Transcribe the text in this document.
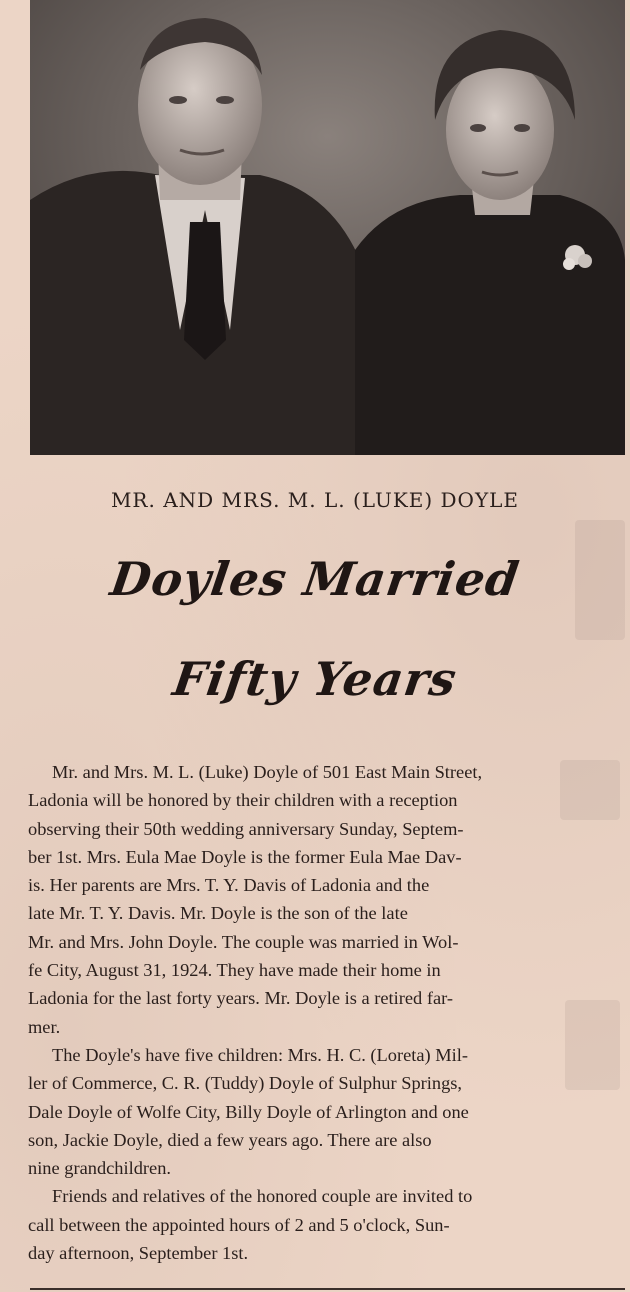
MR. AND MRS. M. L. (LUKE) DOYLE
Doyles Married
Fifty Years

Mr. and Mrs. M. L. (Luke) Doyle of 501 East Main Street,
Ladonia will be honored by their children with a reception
observing their 50th wedding anniversary Sunday, Septem-
ber 1st. Mrs. Eula Mae Doyle is the former Eula Mae Dav-
is. Her parents are Mrs. T. Y. Davis of Ladonia and the
late Mr. T. Y. Davis. Mr. Doyle is the son of the late
Mr. and Mrs. John Doyle. The couple was married in Wol-
fe City, August 31, 1924. They have made their home in
Ladonia for the last forty years. Mr. Doyle is a retired far-
mer.

The Doyle's have five children: Mrs. H. C. (Loreta) Mil-
ler of Commerce, C. R. (Tuddy) Doyle of Sulphur Springs,
Dale Doyle of Wolfe City, Billy Doyle of Arlington and one
son, Jackie Doyle, died a few years ago. There are also
nine grandchildren.

Friends and relatives of the honored couple are invited to
call between the appointed hours of 2 and 5 o'clock, Sun-
day afternoon, September 1st.
